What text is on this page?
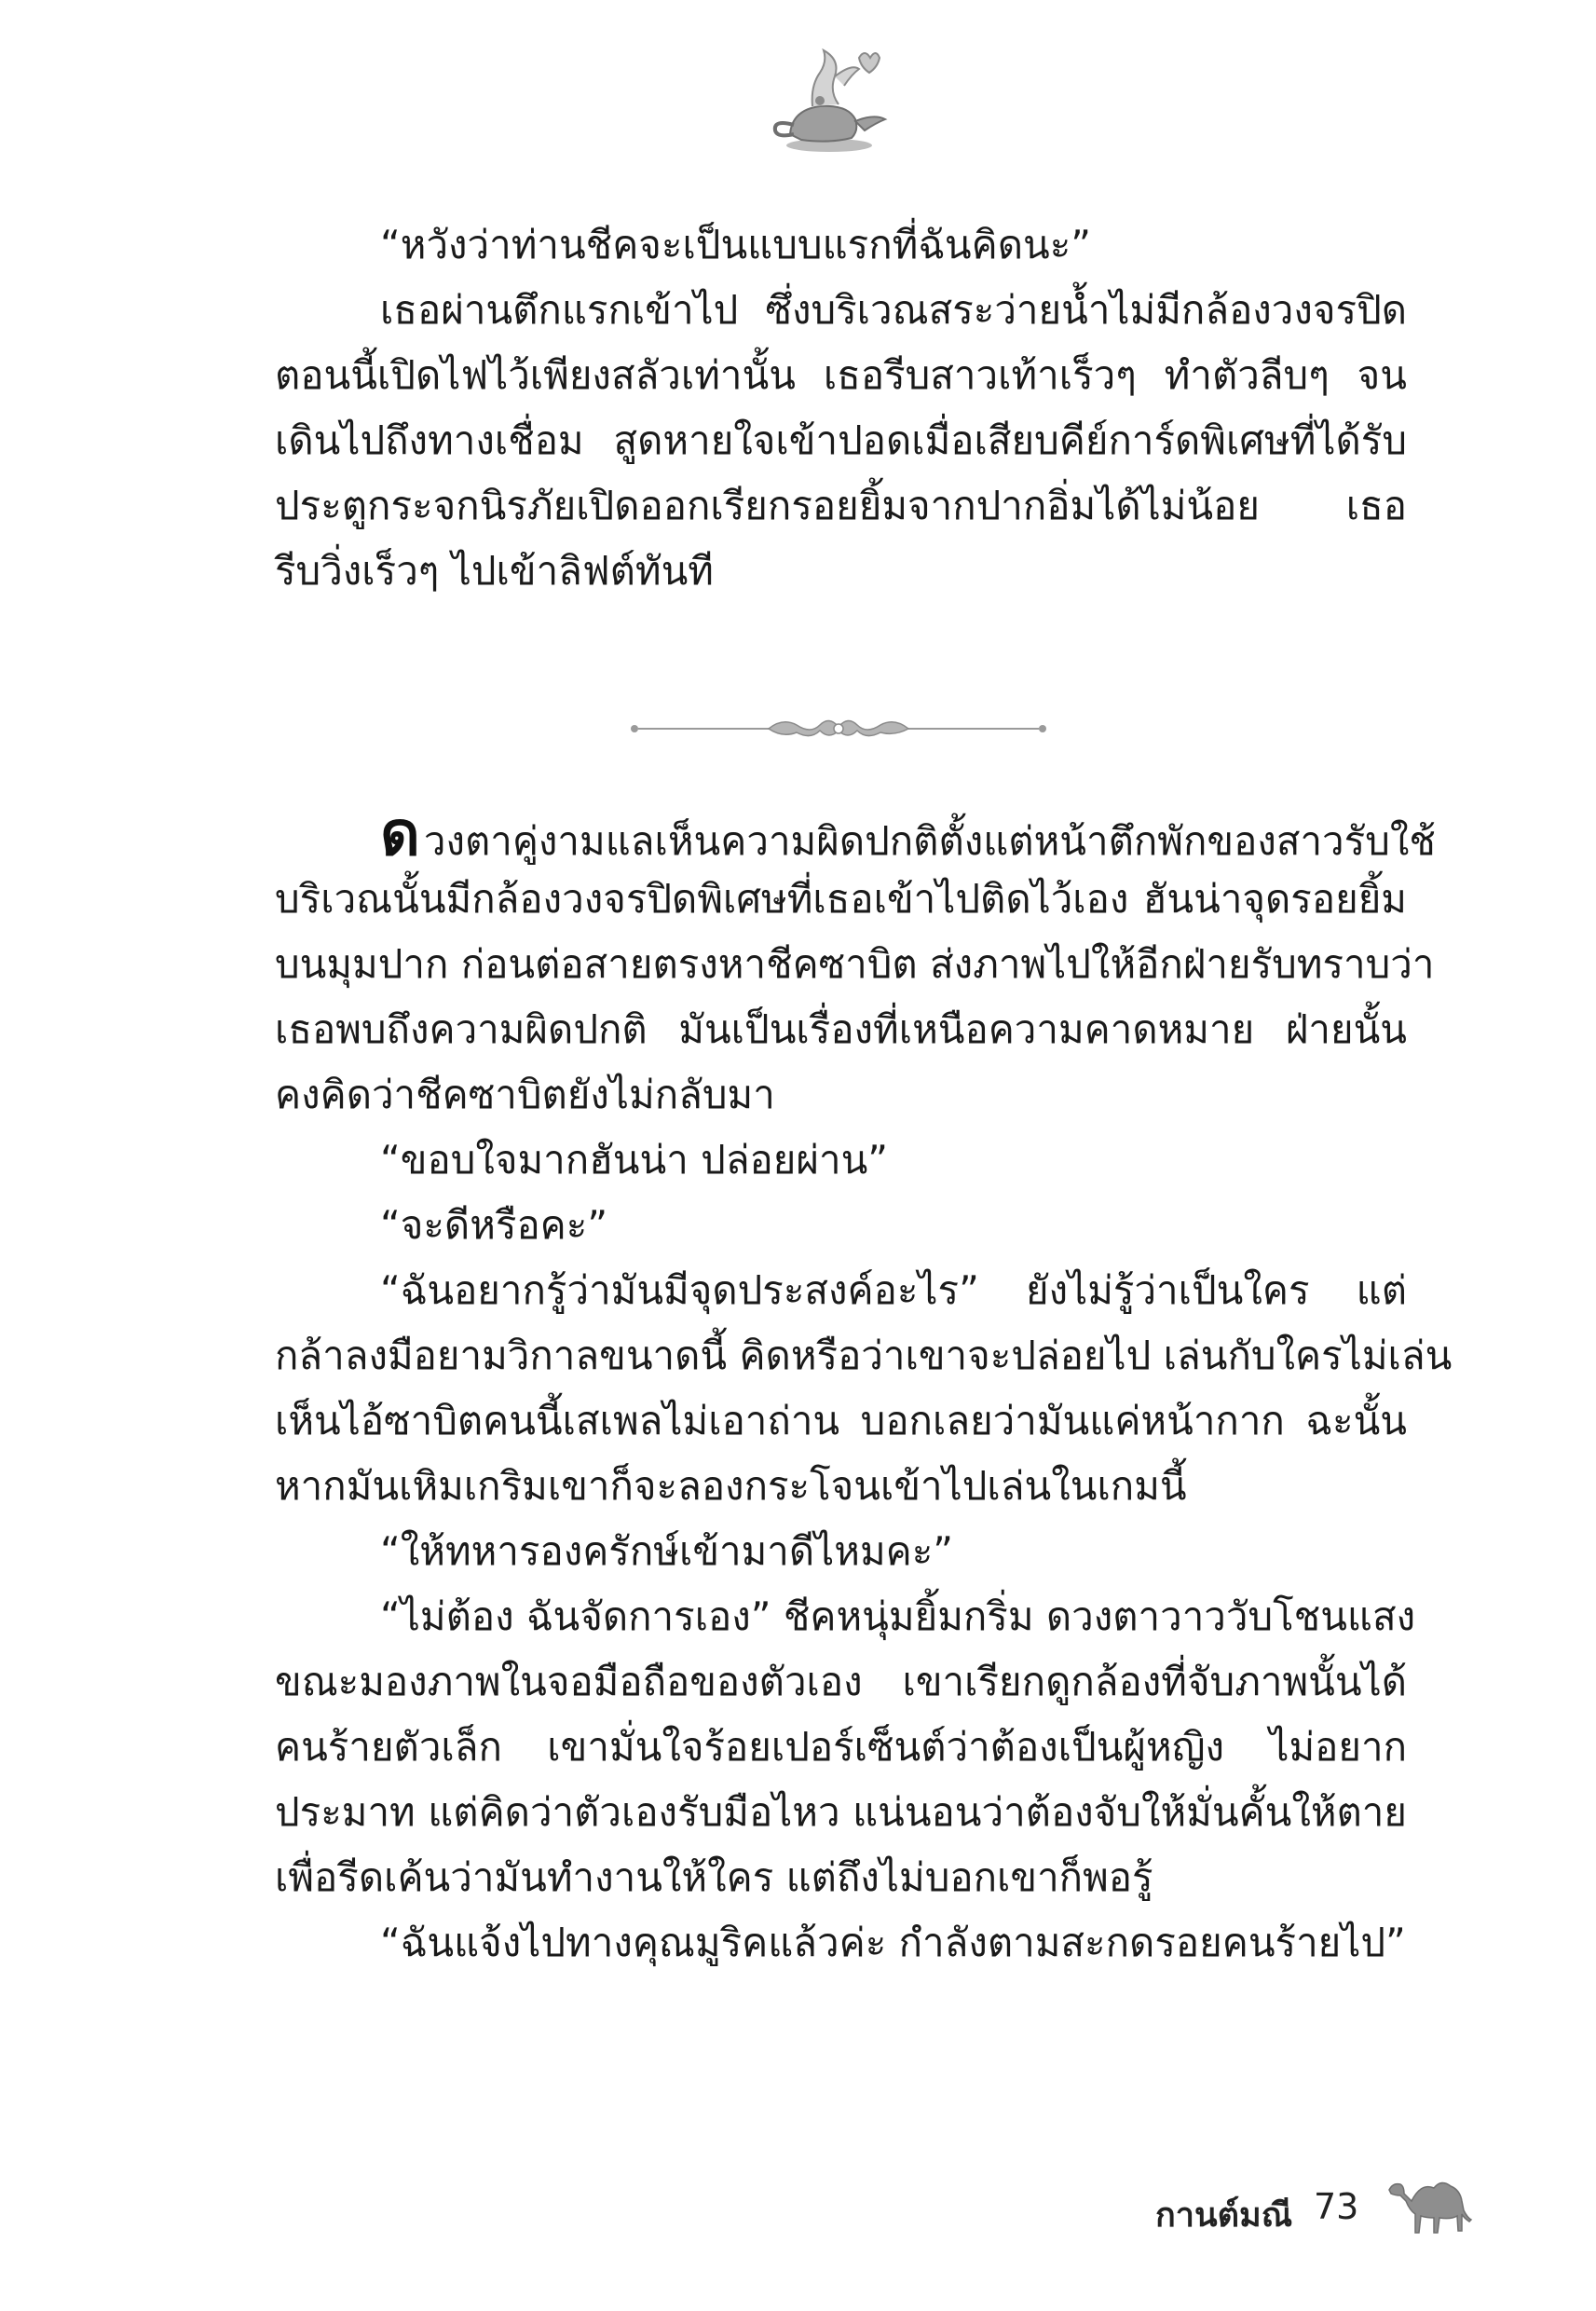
“หวังว่าท่านชีคจะเป็นแบบแรกที่ฉันคิดนะ”
เธอผ่านตึกแรกเข้าไป ซึ่งบริเวณสระว่ายน้ำไม่มีกล้องวงจรปิด
ตอนนี้เปิดไฟไว้เพียงสลัวเท่านั้น เธอรีบสาวเท้าเร็วๆ ทำตัวลีบๆ จน
เดินไปถึงทางเชื่อม สูดหายใจเข้าปอดเมื่อเสียบคีย์การ์ดพิเศษที่ได้รับ
ประตูกระจกนิรภัยเปิดออกเรียกรอยยิ้มจากปากอิ่มได้ไม่น้อย เธอ
รีบวิ่งเร็วๆ ไปเข้าลิฟต์ทันที
ดวงตาคู่งามแลเห็นความผิดปกติตั้งแต่หน้าตึกพักของสาวรับใช้
บริเวณนั้นมีกล้องวงจรปิดพิเศษที่เธอเข้าไปติดไว้เอง ฮันน่าจุดรอยยิ้ม
บนมุมปาก ก่อนต่อสายตรงหาชีคซาบิต ส่งภาพไปให้อีกฝ่ายรับทราบว่า
เธอพบถึงความผิดปกติ มันเป็นเรื่องที่เหนือความคาดหมาย ฝ่ายนั้น
คงคิดว่าชีคซาบิตยังไม่กลับมา
“ขอบใจมากฮันน่า ปล่อยผ่าน”
“จะดีหรือคะ”
“ฉันอยากรู้ว่ามันมีจุดประสงค์อะไร” ยังไม่รู้ว่าเป็นใคร แต่
กล้าลงมือยามวิกาลขนาดนี้ คิดหรือว่าเขาจะปล่อยไป เล่นกับใครไม่เล่น
เห็นไอ้ซาบิตคนนี้เสเพลไม่เอาถ่าน บอกเลยว่ามันแค่หน้ากาก ฉะนั้น
หากมันเหิมเกริมเขาก็จะลองกระโจนเข้าไปเล่นในเกมนี้
“ให้ทหารองครักษ์เข้ามาดีไหมคะ”
“ไม่ต้อง ฉันจัดการเอง” ชีคหนุ่มยิ้มกริ่ม ดวงตาวาววับโชนแสง
ขณะมองภาพในจอมือถือของตัวเอง เขาเรียกดูกล้องที่จับภาพนั้นได้
คนร้ายตัวเล็ก เขามั่นใจร้อยเปอร์เซ็นต์ว่าต้องเป็นผู้หญิง ไม่อยาก
ประมาท แต่คิดว่าตัวเองรับมือไหว แน่นอนว่าต้องจับให้มั่นคั้นให้ตาย
เพื่อรีดเค้นว่ามันทำงานให้ใคร แต่ถึงไม่บอกเขาก็พอรู้
“ฉันแจ้งไปทางคุณมูริคแล้วค่ะ กำลังตามสะกดรอยคนร้ายไป”
กานต์มณี 73
